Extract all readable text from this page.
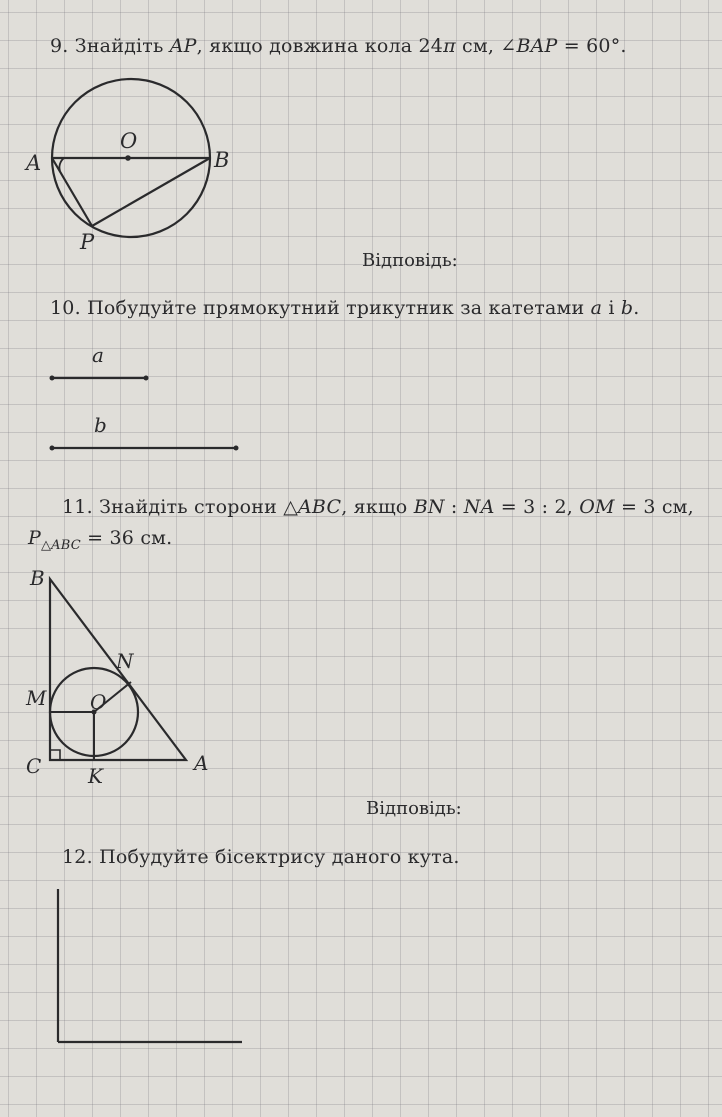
9. Знайдіть AP, якщо довжина кола 24π см, ∠BAP = 60°.
A
O
B
P
Відповідь:
10. Побудуйте прямокутний трикутник за катетами a і b.
a
b
11. Знайдіть сторони △ABC, якщо BN : NA = 3 : 2, OM = 3 см,
$P_{\triangle ABC} = 36$ см.
B
N
M O
C K
A
Відповідь:
12. Побудуйте бісектрису даного кута.
